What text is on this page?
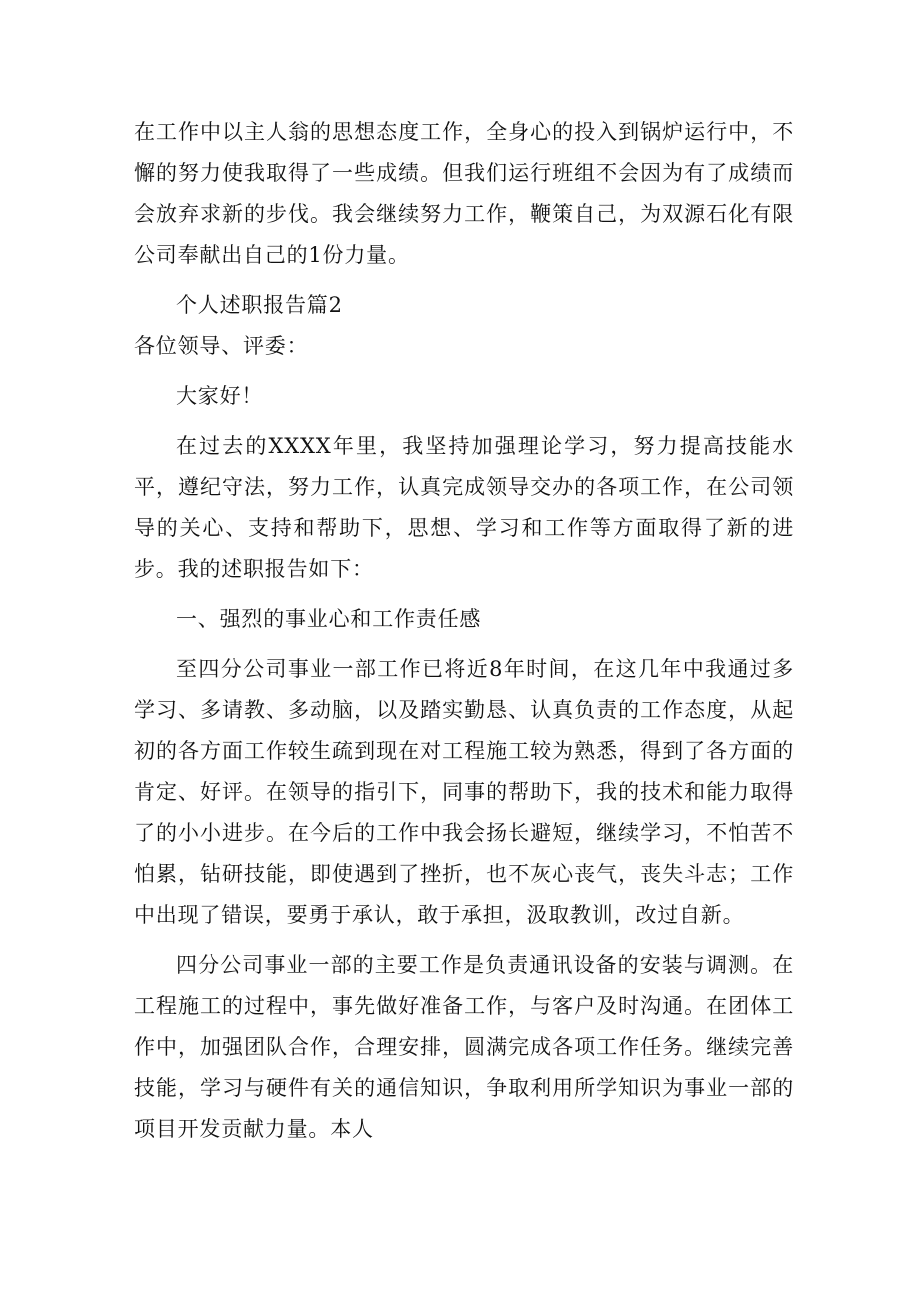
在工作中以主人翁的思想态度工作，全身心的投入到锅炉运行中，不懈的努力使我取得了一些成绩。但我们运行班组不会因为有了成绩而会放弃求新的步伐。我会继续努力工作，鞭策自己，为双源石化有限公司奉献出自己的1份力量。

个人述职报告篇2

各位领导、评委：

大家好！

在过去的XXXX年里，我坚持加强理论学习，努力提高技能水平，遵纪守法，努力工作，认真完成领导交办的各项工作，在公司领导的关心、支持和帮助下，思想、学习和工作等方面取得了新的进步。我的述职报告如下：

一、强烈的事业心和工作责任感

至四分公司事业一部工作已将近8年时间，在这几年中我通过多学习、多请教、多动脑，以及踏实勤恳、认真负责的工作态度，从起初的各方面工作较生疏到现在对工程施工较为熟悉，得到了各方面的肯定、好评。在领导的指引下，同事的帮助下，我的技术和能力取得了的小小进步。在今后的工作中我会扬长避短，继续学习，不怕苦不怕累，钻研技能，即使遇到了挫折，也不灰心丧气，丧失斗志；工作中出现了错误，要勇于承认，敢于承担，汲取教训，改过自新。

四分公司事业一部的主要工作是负责通讯设备的安装与调测。在工程施工的过程中，事先做好准备工作，与客户及时沟通。在团体工作中，加强团队合作，合理安排，圆满完成各项工作任务。继续完善技能，学习与硬件有关的通信知识，争取利用所学知识为事业一部的项目开发贡献力量。本人
